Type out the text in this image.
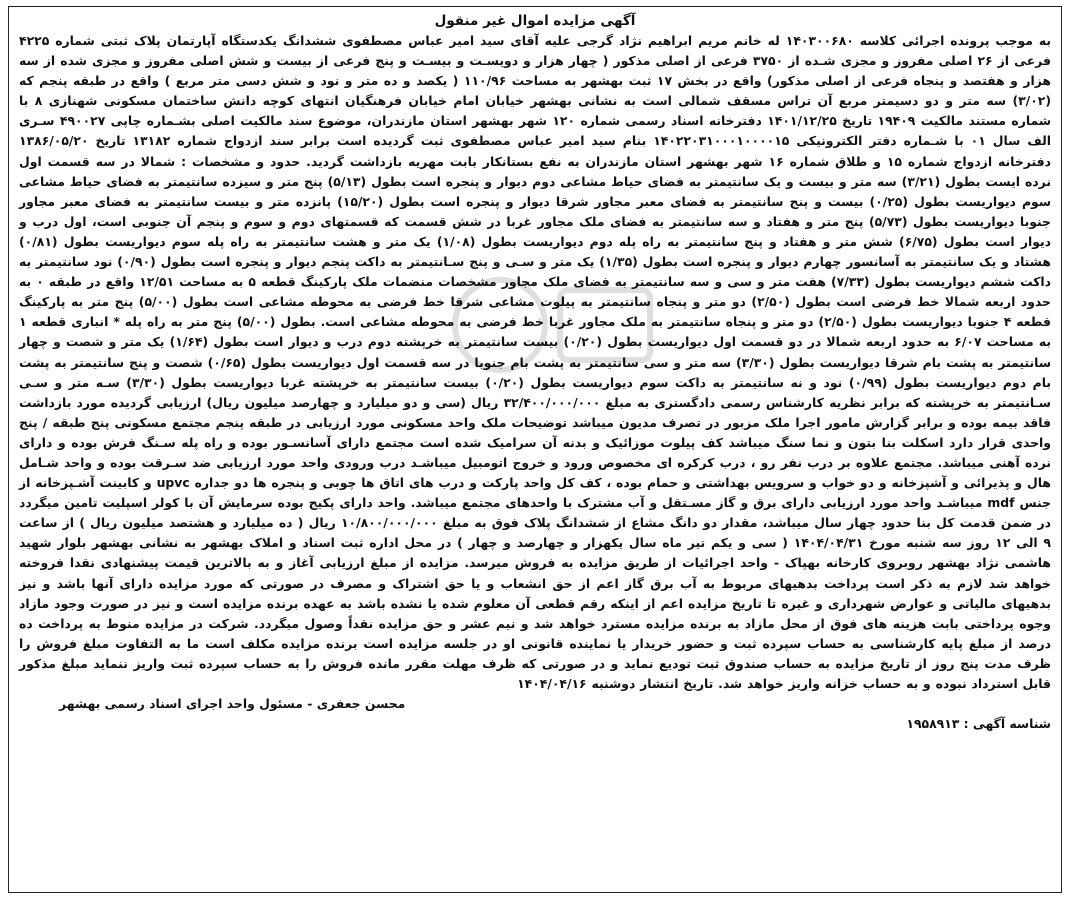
آگهی مزایده اموال غیر منقول

به موجب پرونده اجرائی کلاسه ۱۴۰۳۰۰۶۸۰ له خانم مریم ابراهیم نژاد گرجی علیه آقای سید امیر عباس مصطفوی ششدانگ یکدستگاه آپارتمان پلاک ثبتی شماره ۴۲۲۵ فرعی از ۲۶ اصلی مفروز و مجزی شـده از ۳۷۵۰ فرعی از اصلی مذکور ( چهار هزار و دویسـت و بیسـت و پنج فرعی از بیست و شش اصلی مفروز و مجزی شده از سه هزار و هفتصد و پنجاه فرعی از اصلی مذکور) واقع در بخش ۱۷ ثبت بهشهر به مساحت ۱۱۰/۹۶ ( یکصد و ده متر و نود و شش دسی متر مربع ) واقع در طبقه پنجم که (۳/۰۲) سه متر و دو دسیمتر مربع آن تراس مسقف شمالی است به نشانی بهشهر خیابان امام خیابان فرهنگیان انتهای کوچه دانش ساختمان مسکونی شهنازی ۸ با شماره مستند مالکیت ۱۹۴۰۹ تاریخ ۱۴۰۱/۱۲/۲۵ دفترخانه اسناد رسمی شماره ۱۲۰ شهر بهشهر استان مازندران، موضوع سند مالکیت اصلی بشـماره چاپی ۴۹۰۰۲۷ سـری الف سال ۰۱ با شـماره دفتر الکترونیکی ۱۴۰۲۲۰۳۱۰۰۰۱۰۰۰۰۱۵ بنام سید امیر عباس مصطفوی ثبت گردیده است برابر سند ازدواج شماره ۱۳۱۸۲ تاریخ ۱۳۸۶/۰۵/۲۰ دفترخانه ازدواج شماره ۱۵ و طلاق شماره ۱۶ شهر بهشهر استان مازندران به نفع بستانکار بابت مهریه بازداشت گردید. حدود و مشخصات : شمالا در سه قسمت اول نرده ایست بطول (۳/۲۱) سه متر و بیست و یک سانتیمتر به فضای حیاط مشاعی دوم دیوار و پنجره است بطول (۵/۱۳) پنج متر و سیزده سانتیمتر به فضای حیاط مشاعی سوم دیواریست بطول (۰/۲۵) بیست و پنج سانتیمتر به فضای معبر مجاور شرقا دیوار و پنجره است بطول (۱۵/۲۰) پانزده متر و بیست سانتیمتر به فضای معبر مجاور جنوبا دیواریست بطول (۵/۷۳) پنج متر و هفتاد و سه سانتیمتر به فضای ملک مجاور غربا در شش قسمت که قسمتهای دوم و سوم و پنجم آن جنوبی است، اول درب و دیوار است بطول (۶/۷۵) شش متر و هفتاد و پنج سانتیمتر به راه پله دوم دیواریست بطول (۱/۰۸) یک متر و هشت سانتیمتر به راه پله سوم دیواریست بطول (۰/۸۱) هشتاد و یک سانتیمتر به آسانسور چهارم دیوار و پنجره است بطول (۱/۳۵) یک متر و سـی و پنج سـانتیمتر به داکت پنجم دیوار و پنجره است بطول (۰/۹۰) نود سانتیمتر به داکت ششم دیواریست بطول (۷/۳۳) هفت متر و سی و سه سانتیمتر به فضای ملک مجاور مشخصات منضمات ملک پارکینگ قطعه ۵ به مساحت ۱۲/۵۱ واقع در طبقه ۰ به حدود اربعه شمالا خط فرضی است بطول (۲/۵۰) دو متر و پنجاه سانتیمتر به پیلوت مشاعی شرقا خط فرضی به محوطه مشاعی است بطول (۵/۰۰) پنج متر به پارکینگ قطعه ۴ جنوبا دیواریست بطول (۲/۵۰) دو متر و پنجاه سانتیمتر به ملک مجاور غربا خط فرضی به محوطه مشاعی است. بطول (۵/۰۰) پنج متر به راه پله * انباری قطعه ۱ به مساحت ۶/۰۷ به حدود اربعه شمالا در دو قسمت اول دیواریست بطول (۰/۲۰) بیست سانتیمتر به خرپشته دوم درب و دیوار است بطول (۱/۶۴) یک متر و شصت و چهار سانتیمتر به پشت بام شرقا دیواریست بطول (۳/۳۰) سه متر و سی سانتیمتر به پشت بام جنوبا در سه قسمت اول دیواریست بطول (۰/۶۵) شصت و پنج سانتیمتر به پشت بام دوم دیواریست بطول (۰/۹۹) نود و نه سانتیمتر به داکت سوم دیواریست بطول (۰/۲۰) بیست سانتیمتر به خرپشته غربا دیواریست بطول (۳/۳۰) سـه متر و سـی سـانتیمتر به خرپشته که برابر نظریه کارشناس رسمی دادگستری به مبلغ ۳۲/۴۰۰/۰۰۰/۰۰۰ ریال (سی و دو میلیارد و چهارصد میلیون ریال) ارزیابی گردیده مورد بازداشت فاقد بیمه بوده و برابر گزارش مامور اجرا ملک مزبور در تصرف مدیون میباشد توضیحات ملک واحد مسکونی مورد ارزیابی در طبقه پنجم مجتمع مسکونی پنج طبقه / پنج واحدی قرار دارد اسکلت بنا بتون و نما سنگ میباشد کف پیلوت موزائیک و بدنه آن سرامیک شده است مجتمع دارای آسانسـور بوده و راه پله سـنگ فرش بوده و دارای نرده آهنی میباشد. مجتمع علاوه بر درب نفر رو ، درب کرکره ای مخصوص ورود و خروج اتومبیل میباشـد درب ورودی واحد مورد ارزیابی ضد سـرقت بوده و واحد شـامل هال و پذیرائی و آشپزخانه و دو خواب و سرویس بهداشتی و حمام بوده ، کف کل واحد پارکت و درب های اتاق ها چوبی و پنجره ها دو جداره upvc و کابینت آشـپزخانه از جنس mdf میباشـد واحد مورد ارزیابی دارای برق و گاز مسـتقل و آب مشترک با واحدهای مجتمع میباشد. واحد دارای پکیج بوده سرمایش آن با کولر اسپلیت تامین میگردد در ضمن قدمت کل بنا حدود چهار سال میباشد، مقدار دو دانگ مشاع از ششدانگ پلاک فوق به مبلغ ۱۰/۸۰۰/۰۰۰/۰۰۰ ریال ( ده میلیارد و هشتصد میلیون ریال ) از ساعت ۹ الی ۱۲ روز سه شنبه مورخ ۱۴۰۴/۰۴/۳۱ ( سی و یکم تیر ماه سال یکهزار و چهارصد و چهار ) در محل اداره ثبت اسناد و املاک بهشهر به نشانی بهشهر بلوار شهید هاشمی نژاد بهشهر روبروی کارخانه بهپاک - واحد اجرائیات از طریق مزایده به فروش میرسد. مزایده از مبلغ ارزیابی آغاز و به بالاترین قیمت پیشنهادی نقدا فروخته خواهد شد لازم به ذکر است پرداخت بدهیهای مربوط به آب برق گاز اعم از حق انشعاب و یا حق اشتراک و مصرف در صورتی که مورد مزایده دارای آنها باشد و نیز بدهیهای مالیاتی و عوارض شهرداری و غیره تا تاریخ مزایده اعم از اینکه رقم قطعی آن معلوم شده یا نشده باشد به عهده برنده مزایده است و نیز در صورت وجود مازاد وجوه پرداختی بابت هزینه های فوق از محل مازاد به برنده مزایده مسترد خواهد شد و نیم عشر و حق مزایده نقداً وصول میگردد. شرکت در مزایده منوط به پرداخت ده درصد از مبلغ پایه کارشناسی به حساب سپرده ثبت و حضور خریدار یا نماینده قانونی او در جلسه مزایده است برنده مزایده مکلف است ما به التفاوت مبلغ فروش را ظرف مدت پنج روز از تاریخ مزایده به حساب صندوق ثبت تودیع نماید و در صورتی که ظرف مهلت مقرر مانده فروش را به حساب سپرده ثبت واریز ننماید مبلغ مذکور قابل استرداد نبوده و به حساب خزانه واریز خواهد شد. تاریخ انتشار دوشنبه ۱۴۰۴/۰۴/۱۶

محسن جعفری - مسئول واحد اجرای اسناد رسمی بهشهر

شناسه آگهی : ۱۹۵۸۹۱۳
